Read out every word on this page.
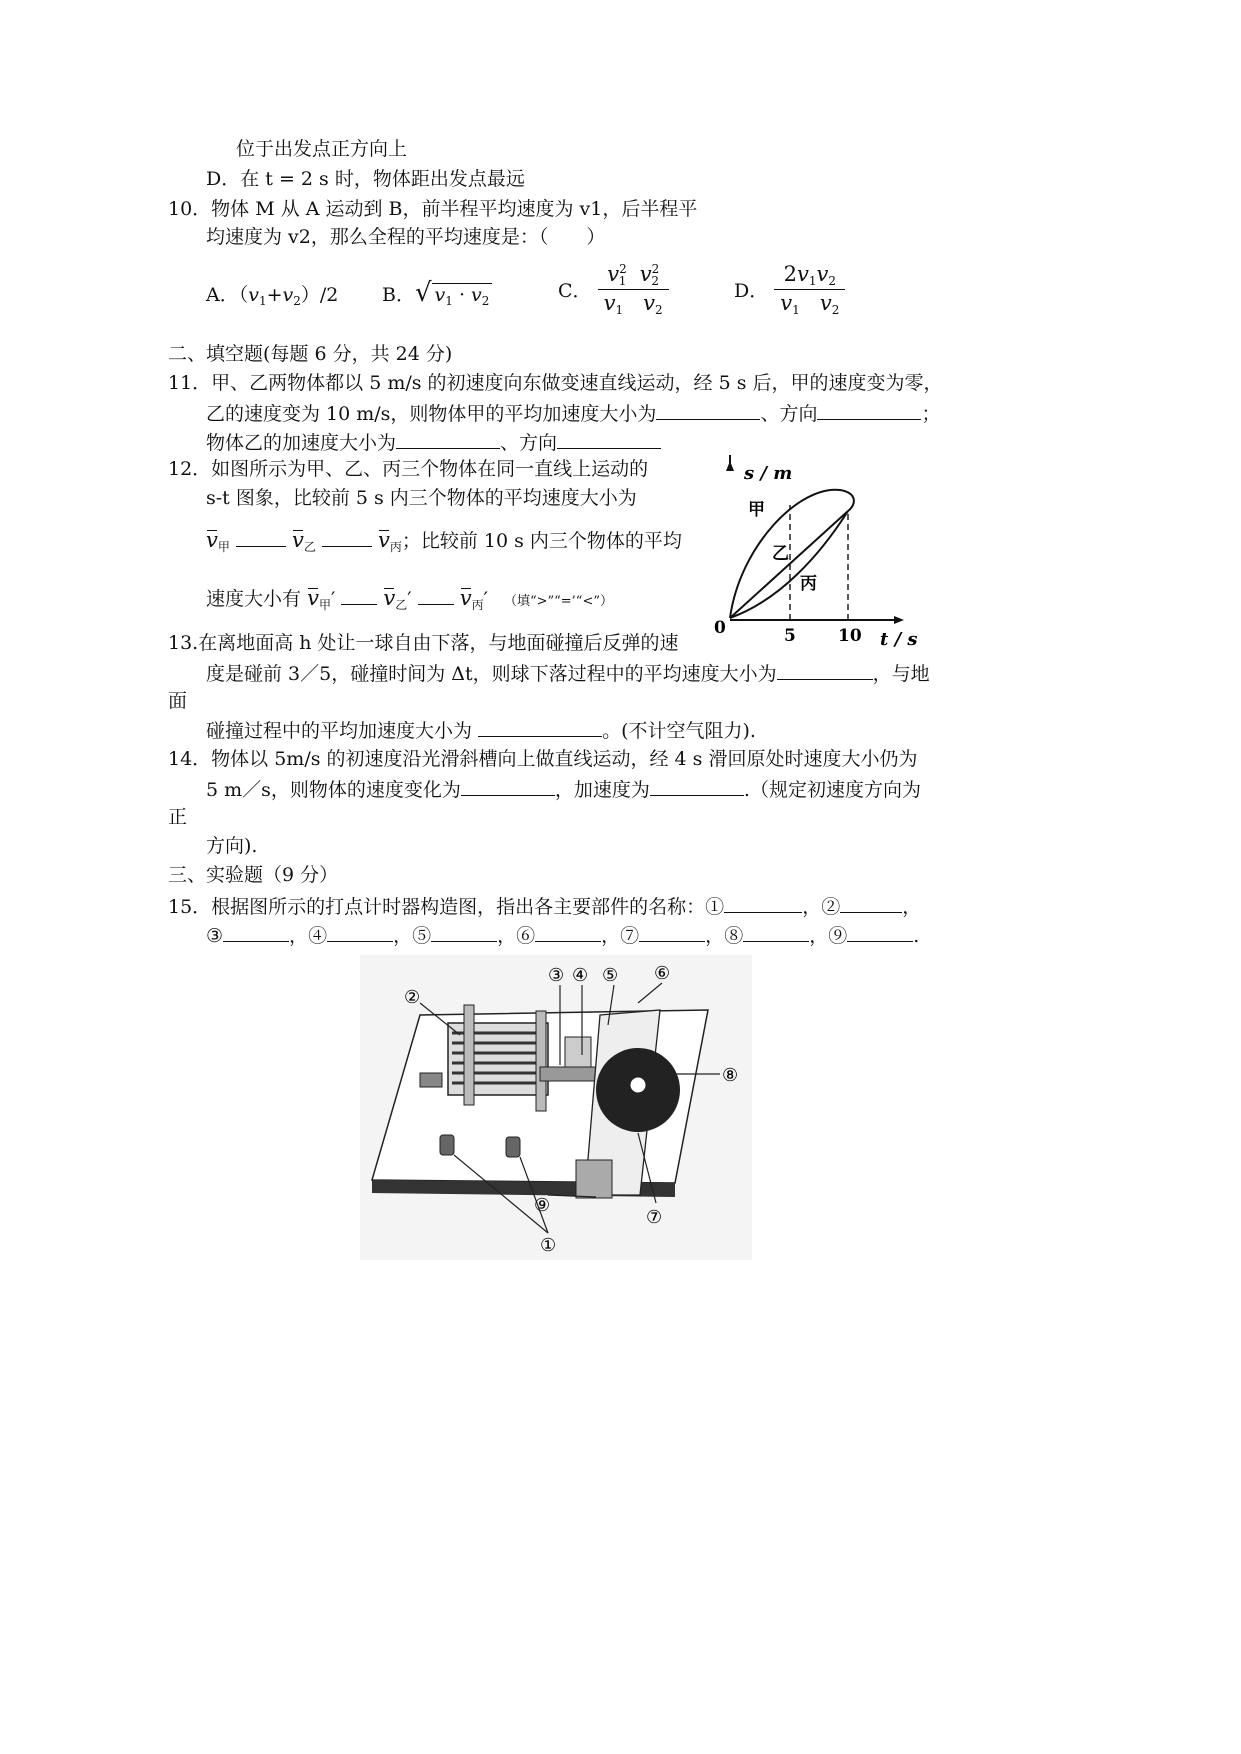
位于出发点正方向上
D．在 t = 2 s 时，物体距出发点最远
10．物体 M 从 A 运动到 B，前半程平均速度为 v1，后半程平
均速度为 v2，那么全程的平均速度是：（　　）
A．$(v_1+v_2)/2$ B．√ $v_1 \cdot v_2$	C． $\frac{v^2_1 v^2_2}{v_1 v_2}$	D． $\frac{2v_1v_2}{v_1 v_2}$
二、填空题(每题 6 分，共 24 分)
11．甲、乙两物体都以 5 m/s 的初速度向东做变速直线运动，经 5 s 后，甲的速度变为零，
乙的速度变为 10 m/s，则物体甲的平均加速度大小为	、方向	；
物体乙的加速度大小为	、方向
12．如图所示为甲、乙、丙三个物体在同一直线上运动的
s-t 图象，比较前 5 s 内三个物体的平均速度大小为
$v_甲$	$v_乙$	$v_丙$；比较前 10 s 内三个物体的平均
速度大小有 $v_甲'$ $v_乙'$ $v_丙'$ （填“>”“=’“<”）
s / m
0	5 10 t / s
甲
乙
丙
13.在离地面高 h 处让一球自由下落，与地面碰撞后反弹的速
度是碰前 3／5，碰撞时间为 Δt，则球下落过程中的平均速度大小为	，与地
面
碰撞过程中的平均加速度大小为	。(不计空气阻力).
14．物体以 5m/s 的初速度沿光滑斜槽向上做直线运动，经 4 s 滑回原处时速度大小仍为
5 m／s，则物体的速度变化为	，加速度为	.（规定初速度方向为
正
方向).
三、实验题（9 分）
15．根据图所示的打点计时器构造图，指出各主要部件的名称：①	，②	，
③	，④	，⑤	，⑥	，⑦	，⑧	，⑨	.
②
③ ④ ⑤ ⑥
⑧
⑨
⑦
①
